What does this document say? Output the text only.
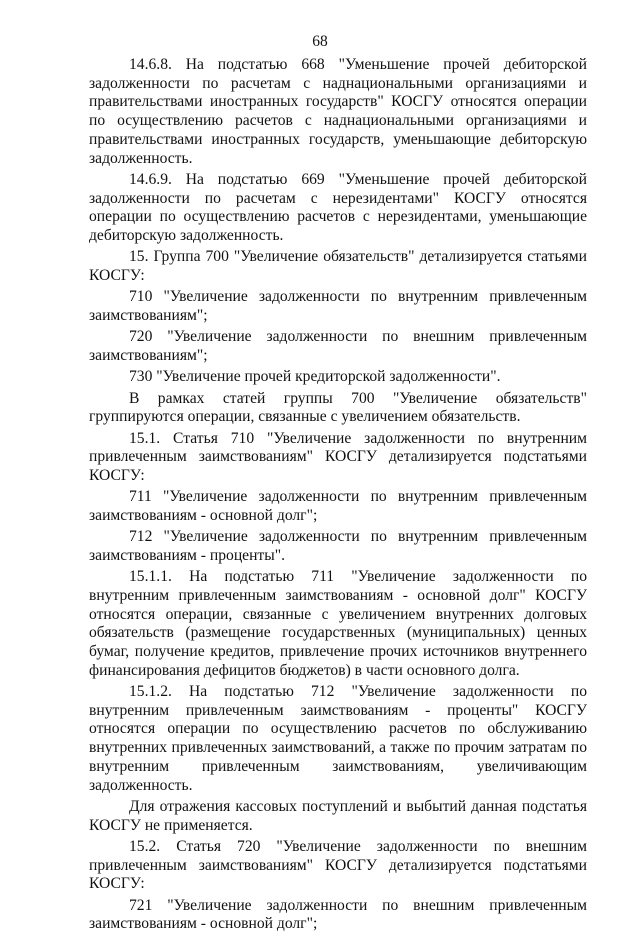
68

14.6.8. На подстатью 668 "Уменьшение прочей дебиторской задолженности по расчетам с наднациональными организациями и правительствами иностранных государств" КОСГУ относятся операции по осуществлению расчетов с наднациональными организациями и правительствами иностранных государств, уменьшающие дебиторскую задолженность.

14.6.9. На подстатью 669 "Уменьшение прочей дебиторской задолженности по расчетам с нерезидентами" КОСГУ относятся операции по осуществлению расчетов с нерезидентами, уменьшающие дебиторскую задолженность.

15. Группа 700 "Увеличение обязательств" детализируется статьями КОСГУ:

710 "Увеличение задолженности по внутренним привлеченным заимствованиям";

720 "Увеличение задолженности по внешним привлеченным заимствованиям";

730 "Увеличение прочей кредиторской задолженности".

В рамках статей группы 700 "Увеличение обязательств" группируются операции, связанные с увеличением обязательств.

15.1. Статья 710 "Увеличение задолженности по внутренним привлеченным заимствованиям" КОСГУ детализируется подстатьями КОСГУ:

711 "Увеличение задолженности по внутренним привлеченным заимствованиям - основной долг";

712 "Увеличение задолженности по внутренним привлеченным заимствованиям - проценты".

15.1.1. На подстатью 711 "Увеличение задолженности по внутренним привлеченным заимствованиям - основной долг" КОСГУ относятся операции, связанные с увеличением внутренних долговых обязательств (размещение государственных (муниципальных) ценных бумаг, получение кредитов, привлечение прочих источников внутреннего финансирования дефицитов бюджетов) в части основного долга.

15.1.2. На подстатью 712 "Увеличение задолженности по внутренним привлеченным заимствованиям - проценты" КОСГУ относятся операции по осуществлению расчетов по обслуживанию внутренних привлеченных заимствований, а также по прочим затратам по внутренним привлеченным заимствованиям, увеличивающим задолженность.

Для отражения кассовых поступлений и выбытий данная подстатья КОСГУ не применяется.

15.2. Статья 720 "Увеличение задолженности по внешним привлеченным заимствованиям" КОСГУ детализируется подстатьями КОСГУ:

721 "Увеличение задолженности по внешним привлеченным заимствованиям - основной долг";
